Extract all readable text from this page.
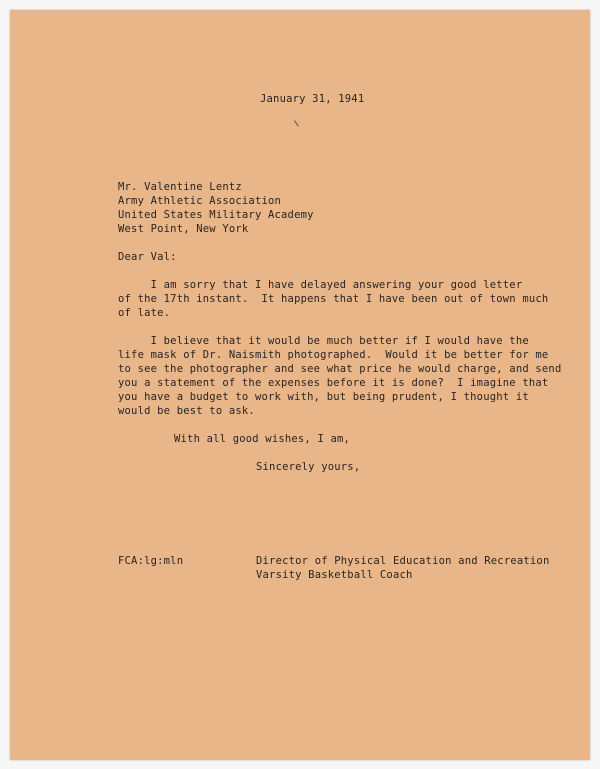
January 31, 1941
Mr. Valentine Lentz
Army Athletic Association
United States Military Academy
West Point, New York
Dear Val:
I am sorry that I have delayed answering your good letter
of the 17th instant.  It happens that I have been out of town much
of late.
I believe that it would be much better if I would have the
life mask of Dr. Naismith photographed.  Would it be better for me
to see the photographer and see what price he would charge, and send
you a statement of the expenses before it is done?  I imagine that
you have a budget to work with, but being prudent, I thought it
would be best to ask.
With all good wishes, I am,
Sincerely yours,
FCA:lg:mln	Director of Physical Education and Recreation
Varsity Basketball Coach
